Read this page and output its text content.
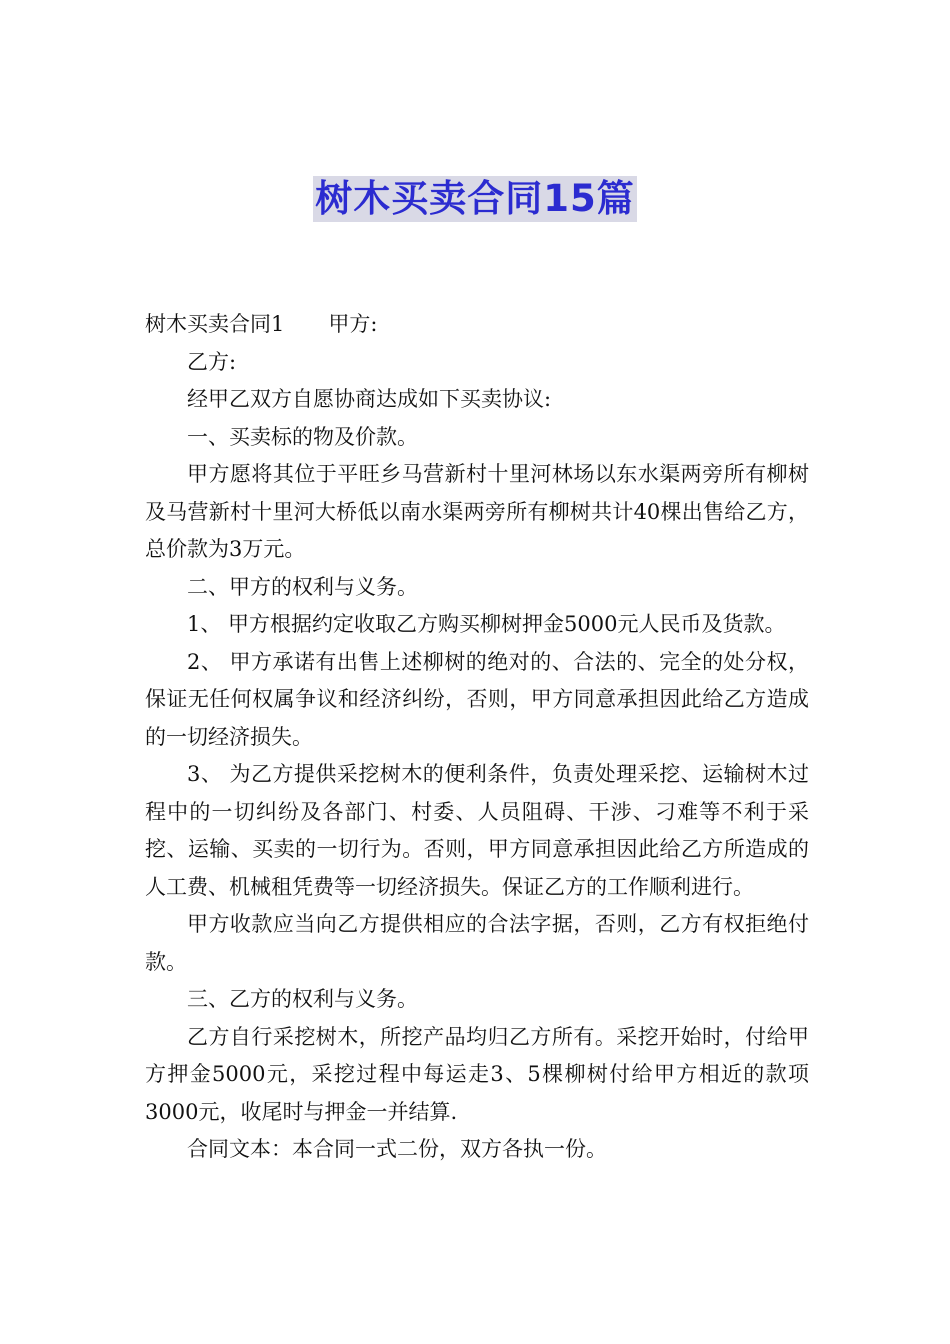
树木买卖合同15篇

树木买卖合同1 甲方:

乙方:

经甲乙双方自愿协商达成如下买卖协议:

一、买卖标的物及价款。

甲方愿将其位于平旺乡马营新村十里河林场以东水渠两旁所有柳树及马营新村十里河大桥低以南水渠两旁所有柳树共计40棵出售给乙方，总价款为3万元。

二、甲方的权利与义务。

1、 甲方根据约定收取乙方购买柳树押金5000元人民币及货款。

2、 甲方承诺有出售上述柳树的绝对的、合法的、完全的处分权，保证无任何权属争议和经济纠纷，否则，甲方同意承担因此给乙方造成的一切经济损失。

3、 为乙方提供采挖树木的便利条件，负责处理采挖、运输树木过程中的一切纠纷及各部门、村委、人员阻碍、干涉、刁难等不利于采挖、运输、买卖的一切行为。否则，甲方同意承担因此给乙方所造成的人工费、机械租凭费等一切经济损失。保证乙方的工作顺利进行。

甲方收款应当向乙方提供相应的合法字据，否则，乙方有权拒绝付款。

三、乙方的权利与义务。

乙方自行采挖树木，所挖产品均归乙方所有。采挖开始时，付给甲方押金5000元，采挖过程中每运走3、5棵柳树付给甲方相近的款项3000元，收尾时与押金一并结算.

合同文本：本合同一式二份，双方各执一份。
